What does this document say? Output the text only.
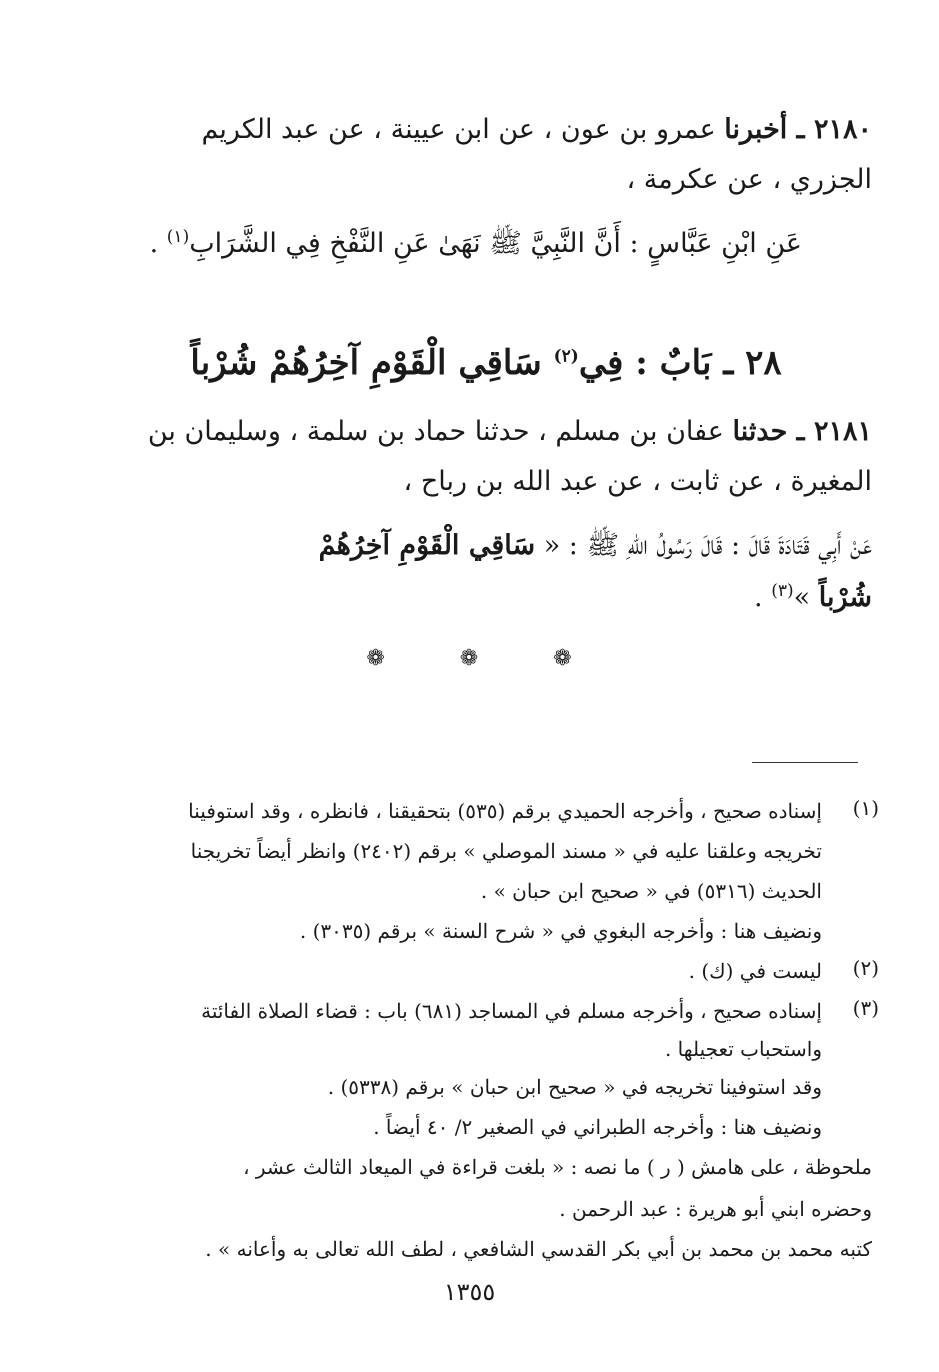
٢١٨٠ ـ أخبرنا عمرو بن عون ، عن ابن عيينة ، عن عبد الكريم
الجزري ، عن عكرمة ،
عَنِ ابْنِ عَبَّاسٍ : أَنَّ النَّبِيَّ ﷺ نَهَىٰ عَنِ النَّفْخِ فِي الشَّرَابِ$^{(١)}$ .
٢٨ ـ بَابٌ : فِي$^{(٢)}$ سَاقِي الْقَوْمِ آخِرُهُمْ شُرْباً
٢١٨١ ـ حدثنا عفان بن مسلم ، حدثنا حماد بن سلمة ، وسليمان بن
المغيرة ، عن ثابت ، عن عبد الله بن رباح ،
عَنْ أَبِي قَتَادَةَ قَالَ : قَالَ رَسُولُ اللهِ ﷺ : « سَاقِي الْقَوْمِ آخِرُهُمْ
شُرْباً »$^{(٣)}$ .
❁ ❁ ❁
(١)
إسناده صحيح ، وأخرجه الحميدي برقم (٥٣٥) بتحقيقنا ، فانظره ، وقد استوفينا
تخريجه وعلقنا عليه في « مسند الموصلي » برقم (٢٤٠٢) وانظر أيضاً تخريجنا
الحديث (٥٣١٦) في « صحيح ابن حبان » .
ونضيف هنا : وأخرجه البغوي في « شرح السنة » برقم (٣٠٣٥) .
(٢)
ليست في (ك) .
(٣)
إسناده صحيح ، وأخرجه مسلم في المساجد (٦٨١) باب : قضاء الصلاة الفائتة
واستحباب تعجيلها .
وقد استوفينا تخريجه في « صحيح ابن حبان » برقم (٥٣٣٨) .
ونضيف هنا : وأخرجه الطبراني في الصغير ٢/ ٤٠ أيضاً .
ملحوظة ، على هامش ( ر ) ما نصه : « بلغت قراءة في الميعاد الثالث عشر ،
وحضره ابني أبو هريرة : عبد الرحمن .
كتبه محمد بن محمد بن أبي بكر القدسي الشافعي ، لطف الله تعالى به وأعانه » .
١٣٥٥
